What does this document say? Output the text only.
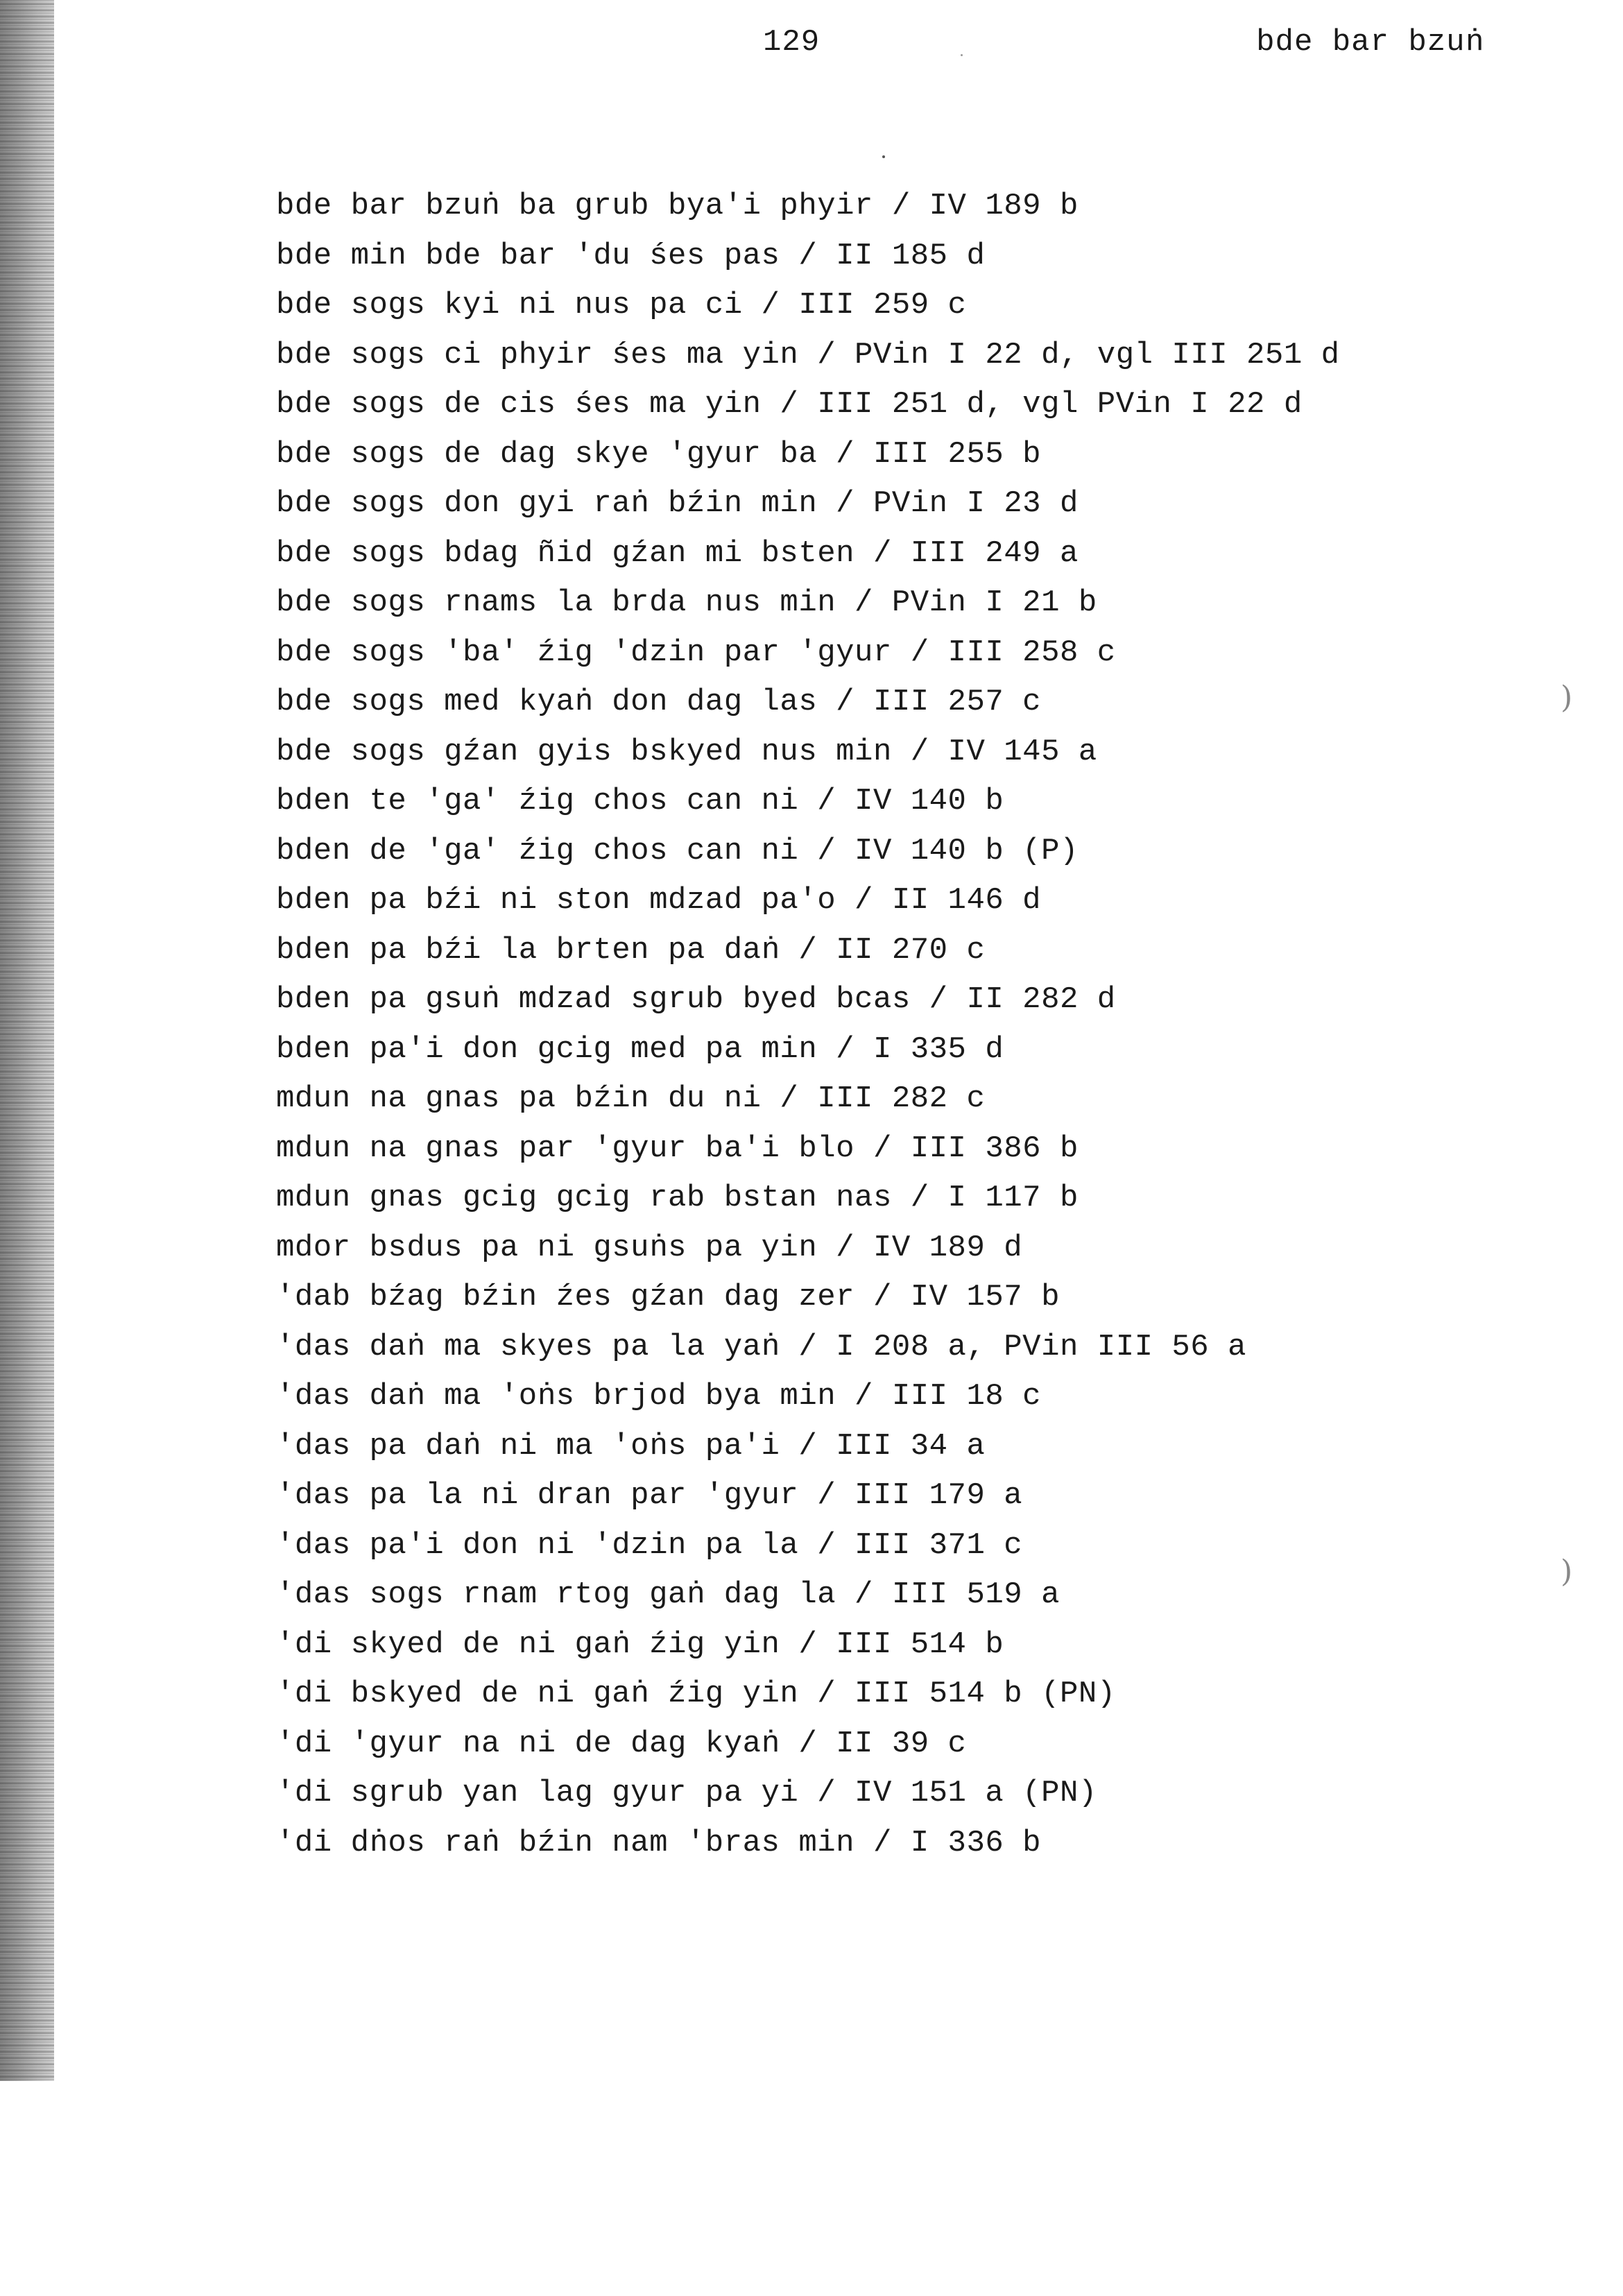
129	bde bar bzuṅ
bde bar bzuṅ ba grub bya'i phyir / IV 189 b
bde min bde bar 'du śes pas / II 185 d
bde sogs kyi ni nus pa ci / III 259 c
bde sogs ci phyir śes ma yin / PVin I 22 d, vgl III 251 d
bde sogs de cis śes ma yin / III 251 d, vgl PVin I 22 d
bde sogs de dag skye 'gyur ba / III 255 b
bde sogs don gyi raṅ bźin min / PVin I 23 d
bde sogs bdag ñid gźan mi bsten / III 249 a
bde sogs rnams la brda nus min / PVin I 21 b
bde sogs 'ba' źig 'dzin par 'gyur / III 258 c
bde sogs med kyaṅ don dag las / III 257 c
bde sogs gźan gyis bskyed nus min / IV 145 a
bden te 'ga' źig chos can ni / IV 140 b
bden de 'ga' źig chos can ni / IV 140 b (P)
bden pa bźi ni ston mdzad pa'o / II 146 d
bden pa bźi la brten pa daṅ / II 270 c
bden pa gsuṅ mdzad sgrub byed bcas / II 282 d
bden pa'i don gcig med pa min / I 335 d
mdun na gnas pa bźin du ni / III 282 c
mdun na gnas par 'gyur ba'i blo / III 386 b
mdun gnas gcig gcig rab bstan nas / I 117 b
mdor bsdus pa ni gsuṅs pa yin / IV 189 d
'dab bźag bźin źes gźan dag zer / IV 157 b
'das daṅ ma skyes pa la yaṅ / I 208 a, PVin III 56 a
'das daṅ ma 'oṅs brjod bya min / III 18 c
'das pa daṅ ni ma 'oṅs pa'i / III 34 a
'das pa la ni dran par 'gyur / III 179 a
'das pa'i don ni 'dzin pa la / III 371 c
'das sogs rnam rtog gaṅ dag la / III 519 a
'di skyed de ni gaṅ źig yin / III 514 b
'di bskyed de ni gaṅ źig yin / III 514 b (PN)
'di 'gyur na ni de dag kyaṅ / II 39 c
'di sgrub yan lag gyur pa yi / IV 151 a (PN)
'di dṅos raṅ bźin nam 'bras min / I 336 b
)
)
